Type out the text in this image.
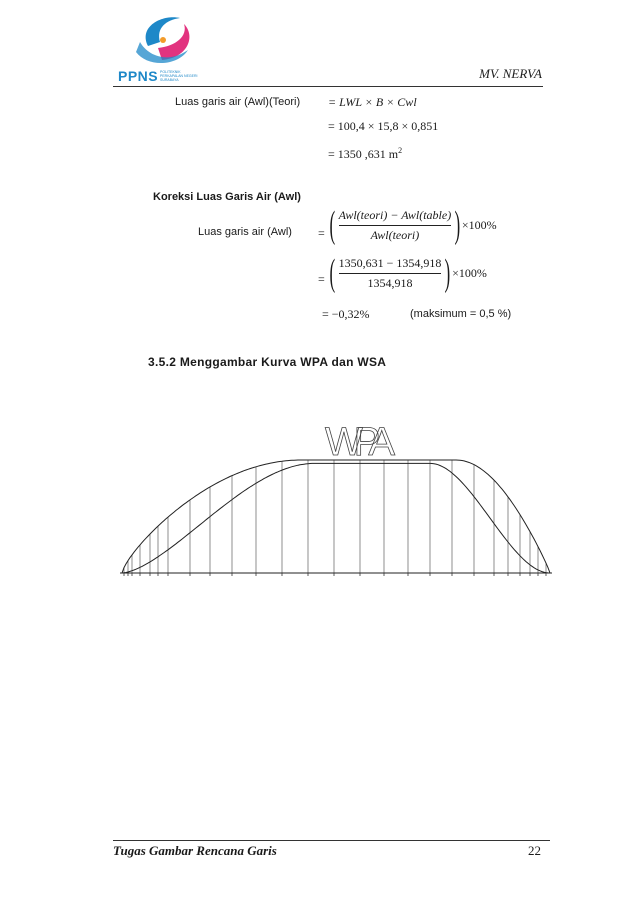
PPNS POLITEKNIK PERKAPALAN NEGERI SURABAYA	MV. NERVA
Luas garis air (Awl)(Teori) = LWL × B × Cwl
= 100,4 × 15,8 × 0,851
= 1350 ,631 $m^2$
Koreksi Luas Garis Air (Awl)
Luas garis air (Awl) = ( $\frac{\text{Awl(teori) − Awl(table)}}{\text{Awl(teori)}}$ ) ×100%
= ( $\frac{1350,631 - 1354,918}{1354,918}$ ) ×100%
= −0,32%	(maksimum = 0,5 %)
3.5.2 Menggambar Kurva WPA dan WSA
WPA
Tugas Gambar Rencana Garis	22
